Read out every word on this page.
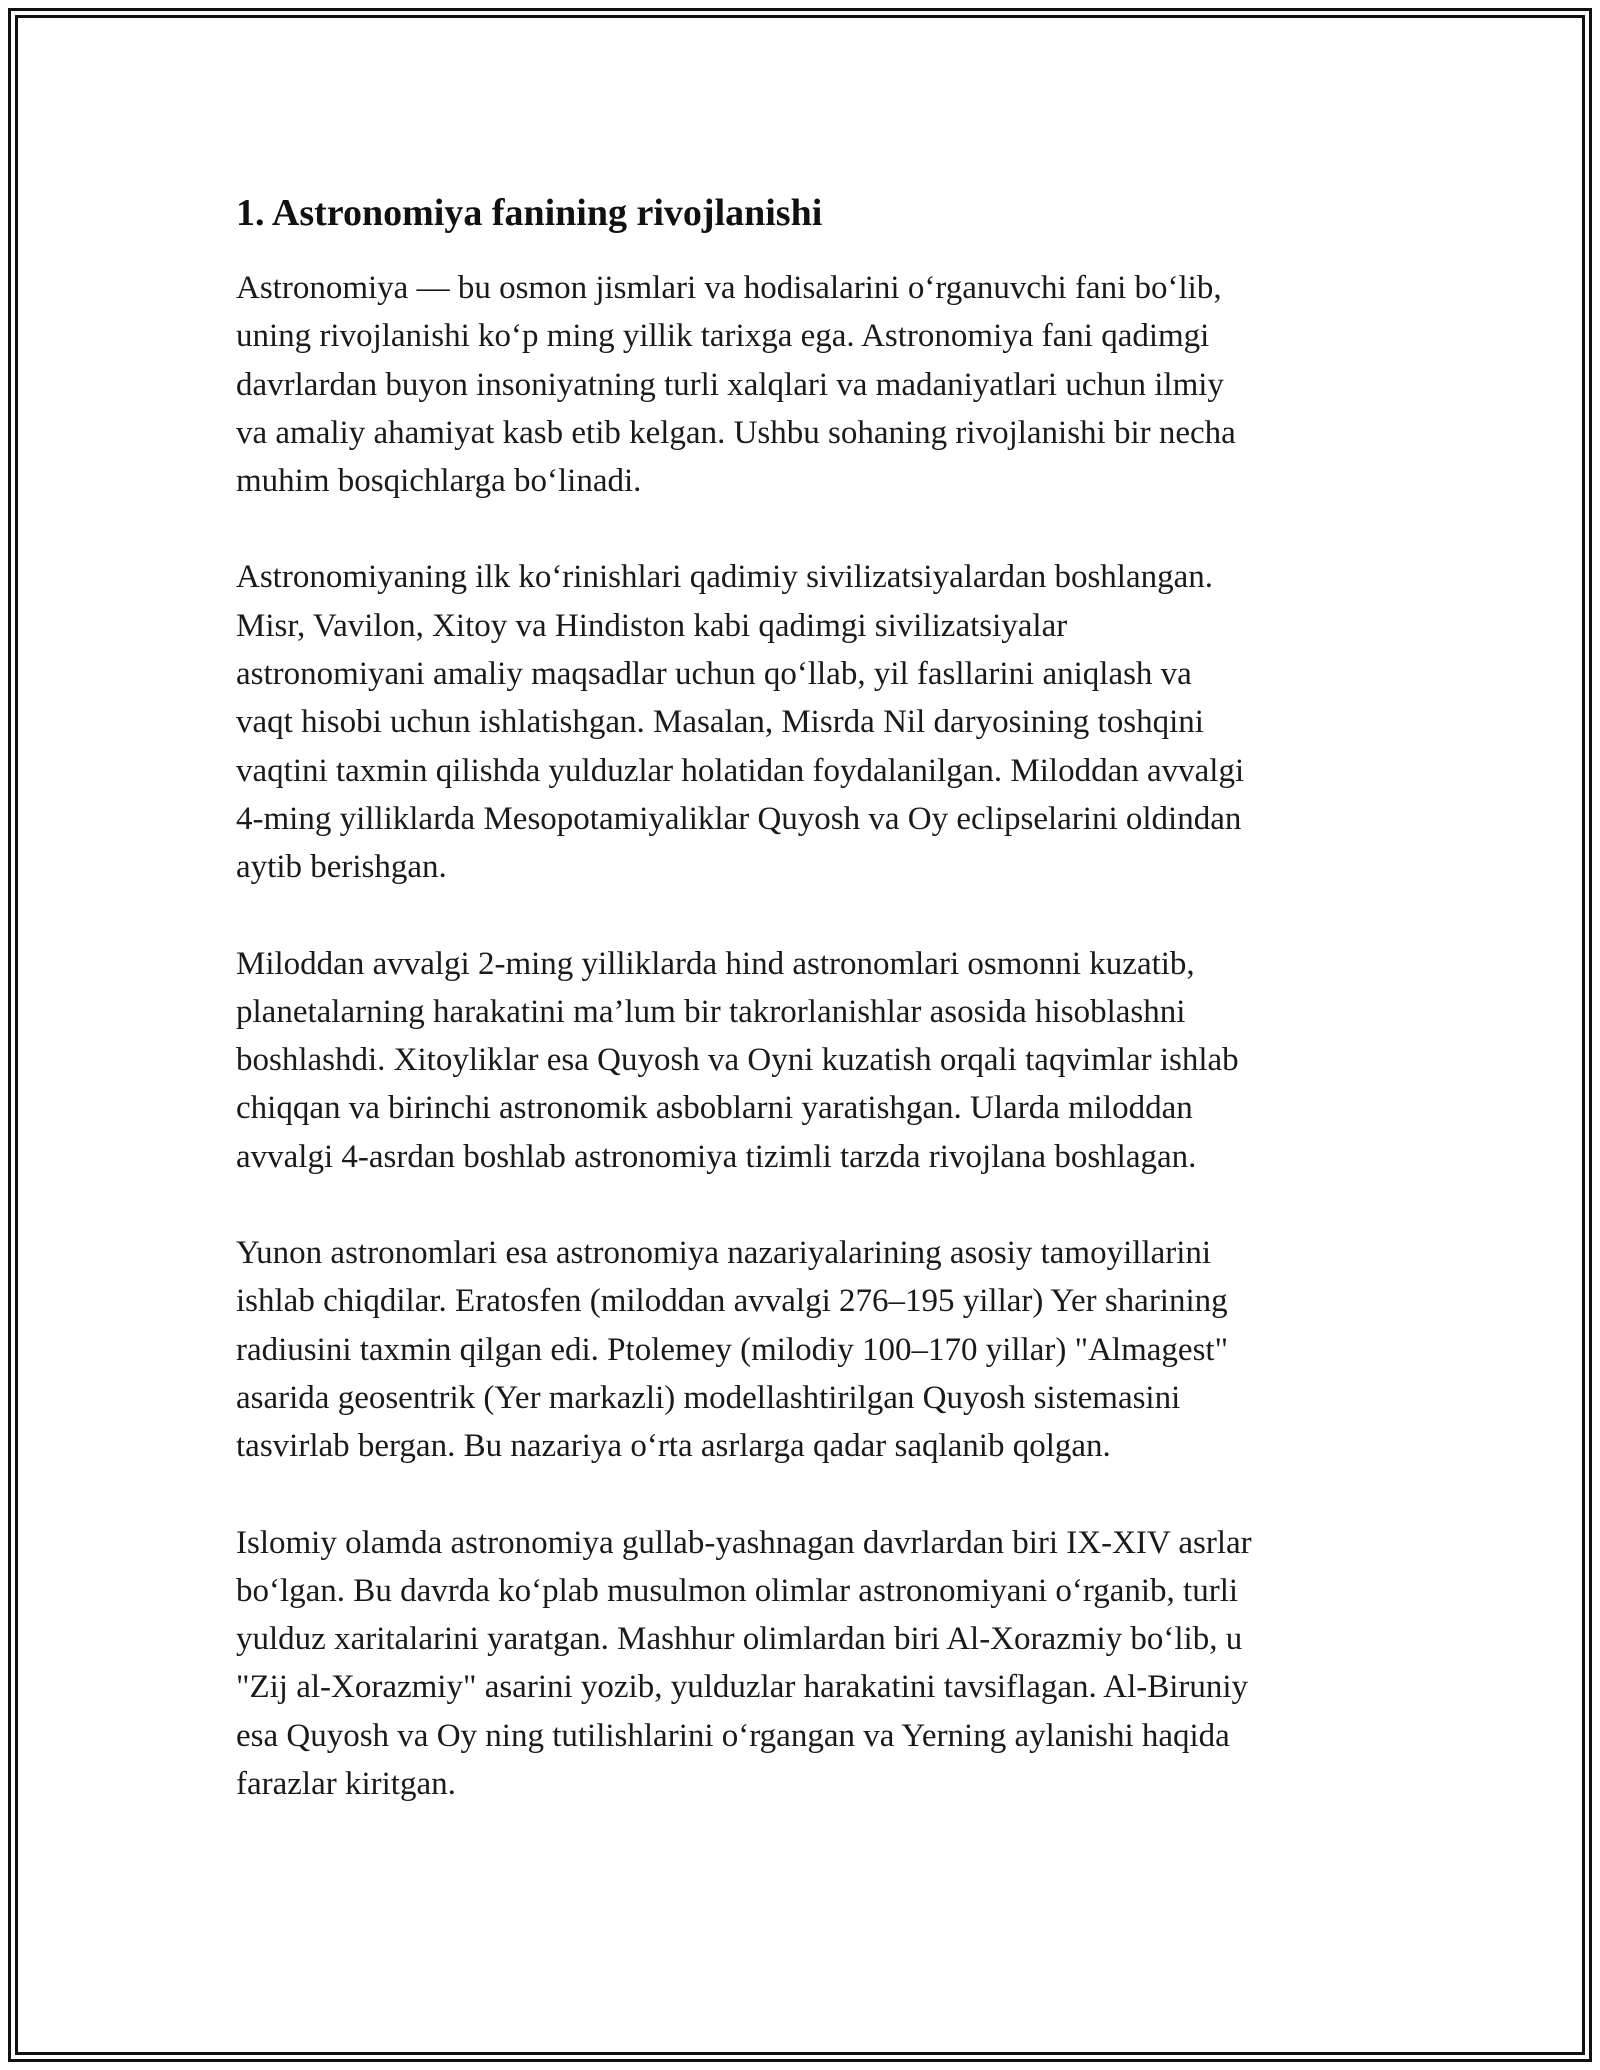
1. Astronomiya fanining rivojlanishi

Astronomiya — bu osmon jismlari va hodisalarini o‘rganuvchi fani bo‘lib,
uning rivojlanishi ko‘p ming yillik tarixga ega. Astronomiya fani qadimgi
davrlardan buyon insoniyatning turli xalqlari va madaniyatlari uchun ilmiy
va amaliy ahamiyat kasb etib kelgan. Ushbu sohaning rivojlanishi bir necha
muhim bosqichlarga bo‘linadi.

Astronomiyaning ilk ko‘rinishlari qadimiy sivilizatsiyalardan boshlangan.
Misr, Vavilon, Xitoy va Hindiston kabi qadimgi sivilizatsiyalar
astronomiyani amaliy maqsadlar uchun qo‘llab, yil fasllarini aniqlash va
vaqt hisobi uchun ishlatishgan. Masalan, Misrda Nil daryosining toshqini
vaqtini taxmin qilishda yulduzlar holatidan foydalanilgan. Miloddan avvalgi
4-ming yilliklarda Mesopotamiyaliklar Quyosh va Oy eclipselarini oldindan
aytib berishgan.

Miloddan avvalgi 2-ming yilliklarda hind astronomlari osmonni kuzatib,
planetalarning harakatini ma’lum bir takrorlanishlar asosida hisoblashni
boshlashdi. Xitoyliklar esa Quyosh va Oyni kuzatish orqali taqvimlar ishlab
chiqqan va birinchi astronomik asboblarni yaratishgan. Ularda miloddan
avvalgi 4-asrdan boshlab astronomiya tizimli tarzda rivojlana boshlagan.

Yunon astronomlari esa astronomiya nazariyalarining asosiy tamoyillarini
ishlab chiqdilar. Eratosfen (miloddan avvalgi 276–195 yillar) Yer sharining
radiusini taxmin qilgan edi. Ptolemey (milodiy 100–170 yillar) "Almagest"
asarida geosentrik (Yer markazli) modellashtirilgan Quyosh sistemasini
tasvirlab bergan. Bu nazariya o‘rta asrlarga qadar saqlanib qolgan.

Islomiy olamda astronomiya gullab-yashnagan davrlardan biri IX-XIV asrlar
bo‘lgan. Bu davrda ko‘plab musulmon olimlar astronomiyani o‘rganib, turli
yulduz xaritalarini yaratgan. Mashhur olimlardan biri Al-Xorazmiy bo‘lib, u
"Zij al-Xorazmiy" asarini yozib, yulduzlar harakatini tavsiflagan. Al-Biruniy
esa Quyosh va Oy ning tutilishlarini o‘rgangan va Yerning aylanishi haqida
farazlar kiritgan.
